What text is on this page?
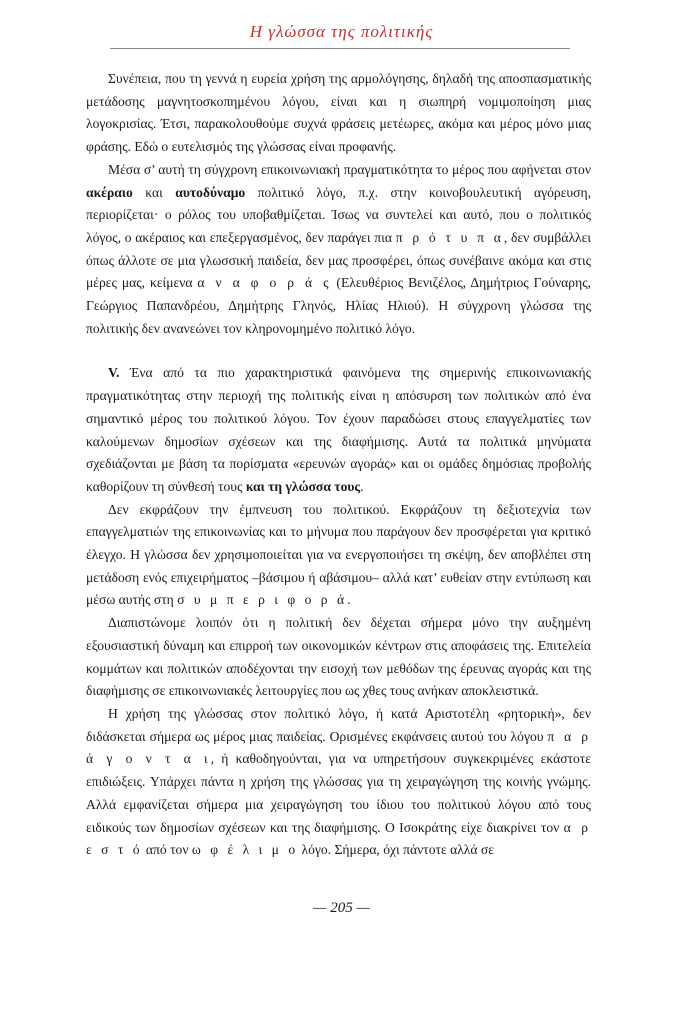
Η γλώσσα της πολιτικής

Συνέπεια, που τη γεννά η ευρεία χρήση της αρμολόγησης, δηλαδή της αποσπασματικής μετάδοσης μαγνητοσκοπημένου λόγου, είναι και η σιωπηρή νομιμοποίηση μιας λογοκρισίας. Έτσι, παρακολουθούμε συχνά φράσεις μετέωρες, ακόμα και μέρος μόνο μιας φράσης. Εδώ ο ευτελισμός της γλώσσας είναι προφανής.

Μέσα σ’ αυτή τη σύγχρονη επικοινωνιακή πραγματικότητα το μέρος που αφήνεται στον ακέραιο και αυτοδύναμο πολιτικό λόγο, π.χ. στην κοινοβουλευτική αγόρευση, περιορίζεται· ο ρόλος του υποβαθμίζεται. Ίσως να συντελεί και αυτό, που ο πολιτικός λόγος, ο ακέραιος και επεξεργασμένος, δεν παράγει πια π ρ ό τ υ π α, δεν συμβάλλει όπως άλλοτε σε μια γλωσσική παιδεία, δεν μας προσφέρει, όπως συνέβαινε ακόμα και στις μέρες μας, κείμενα α ν α φ ο ρ ά ς (Ελευθέριος Βενιζέλος, Δημήτριος Γούναρης, Γεώργιος Παπανδρέου, Δημήτρης Γληνός, Ηλίας Ηλιού). Η σύγχρονη γλώσσα της πολιτικής δεν ανανεώνει τον κληρονομημένο πολιτικό λόγο.

V. Ένα από τα πιο χαρακτηριστικά φαινόμενα της σημερινής επικοινωνιακής πραγματικότητας στην περιοχή της πολιτικής είναι η απόσυρση των πολιτικών από ένα σημαντικό μέρος του πολιτικού λόγου. Τον έχουν παραδώσει στους επαγγελματίες των καλούμενων δημοσίων σχέσεων και της διαφήμισης. Αυτά τα πολιτικά μηνύματα σχεδιάζονται με βάση τα πορίσματα «ερευνών αγοράς» και οι ομάδες δημόσιας προβολής καθορίζουν τη σύνθεσή τους και τη γλώσσα τους.

Δεν εκφράζουν την έμπνευση του πολιτικού. Εκφράζουν τη δεξιοτεχνία των επαγγελματιών της επικοινωνίας και το μήνυμα που παράγουν δεν προσφέρεται για κριτικό έλεγχο. Η γλώσσα δεν χρησιμοποιείται για να ενεργοποιήσει τη σκέψη, δεν αποβλέπει στη μετάδοση ενός επιχειρήματος –βάσιμου ή αβάσιμου– αλλά κατ’ ευθείαν στην εντύπωση και μέσω αυτής στη σ υ μ π ε ρ ι φ ο ρ ά.

Διαπιστώνομε λοιπόν ότι η πολιτική δεν δέχεται σήμερα μόνο την αυξημένη εξουσιαστική δύναμη και επιρροή των οικονομικών κέντρων στις αποφάσεις της. Επιτελεία κομμάτων και πολιτικών αποδέχονται την εισοχή των μεθόδων της έρευνας αγοράς και της διαφήμισης σε επικοινωνιακές λειτουργίες που ως χθες τους ανήκαν αποκλειστικά.

Η χρήση της γλώσσας στον πολιτικό λόγο, ή κατά Αριστοτέλη «ρητορική», δεν διδάσκεται σήμερα ως μέρος μιας παιδείας. Ορισμένες εκφάνσεις αυτού του λόγου π α ρ ά γ ο ν τ α ι, ή καθοδηγούνται, για να υπηρετήσουν συγκεκριμένες εκάστοτε επιδιώξεις. Υπάρχει πάντα η χρήση της γλώσσας για τη χειραγώγηση της κοινής γνώμης. Αλλά εμφανίζεται σήμερα μια χειραγώγηση του ίδιου του πολιτικού λόγου από τους ειδικούς των δημοσίων σχέσεων και της διαφήμισης. Ο Ισοκράτης είχε διακρίνει τον α ρ ε σ τ ό από τον ω φ έ λ ι μ ο λόγο. Σήμερα, όχι πάντοτε αλλά σε

— 205 —
